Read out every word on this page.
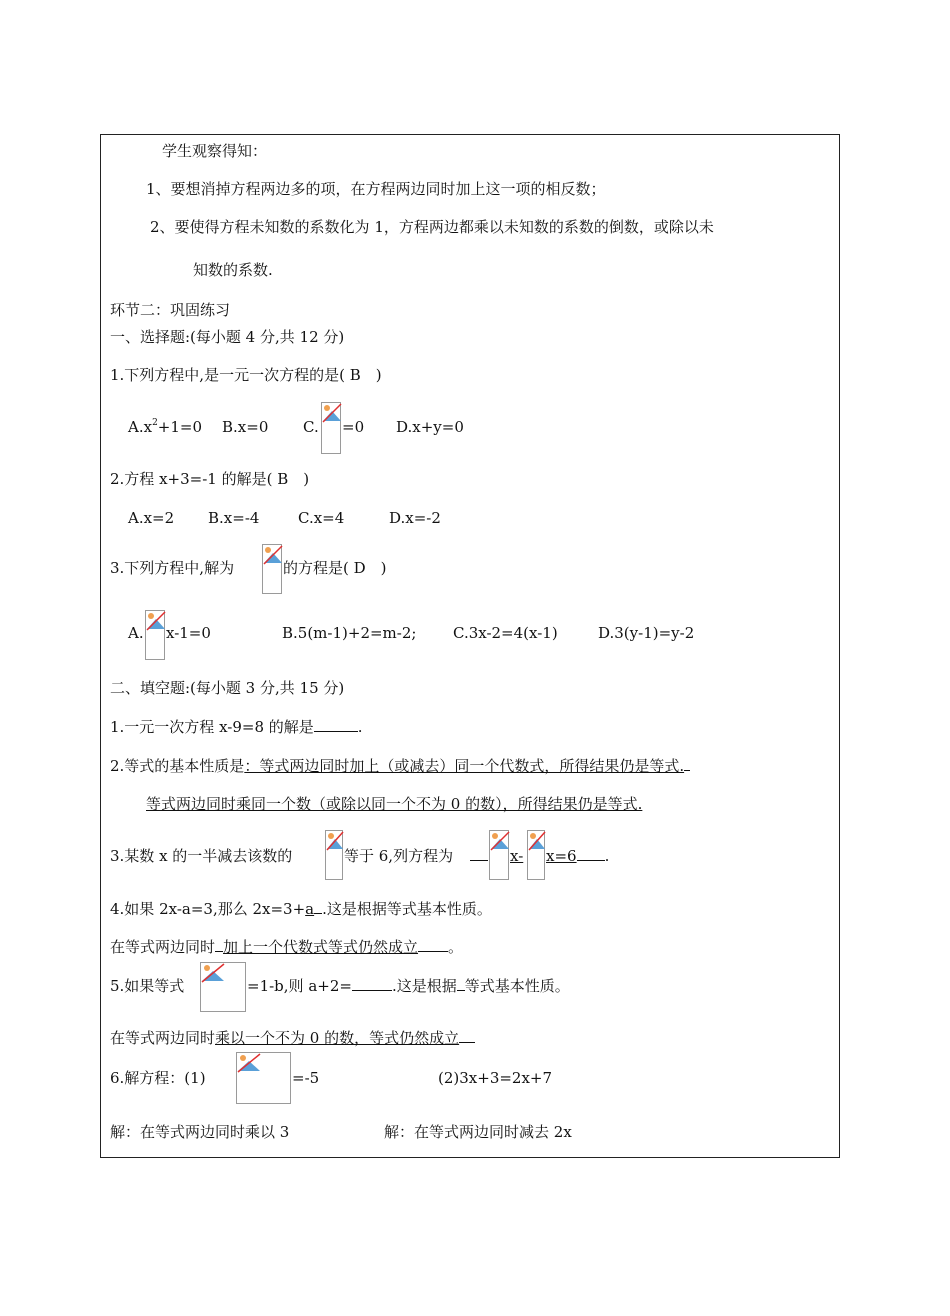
学生观察得知：
1、要想消掉方程两边多的项，在方程两边同时加上这一项的相反数；
2、要使得方程未知数的系数化为 1，方程两边都乘以未知数的系数的倒数，或除以未
知数的系数.
环节二：巩固练习
一、选择题:(每小题 4 分,共 12 分)
1.下列方程中,是一元一次方程的是( B　)
$A.x^2+1=0$ B.x=0 C. =0 D.x+y=0
2.方程 x+3=-1 的解是( B　)
A.x=2 B.x=-4	C.x=4	D.x=-2
3.下列方程中,解为	的方程是( D　)
A. x-1=0	B.5(m-1)+2=m-2; C.3x-2=4(x-1)	D.3(y-1)=y-2
二、填空题:(每小题 3 分,共 15 分)
1.一元一次方程 x-9=8 的解是	.
2.等式的基本性质是：等式两边同时加上（或减去）同一个代数式，所得结果仍是等式.
等式两边同时乘同一个数（或除以同一个不为 0 的数），所得结果仍是等式.
3.某数 x 的一半减去该数的	等于 6,列方程为	x- x=6 .
4.如果 2x-a=3,那么 2x=3+a .这是根据等式基本性质。
在等式两边同时 加上一个代数式等式仍然成立 。
5.如果等式	=1-b,则 a+2=	.这是根据 等式基本性质。
在等式两边同时乘以一个不为 0 的数，等式仍然成立
6.解方程：(1)	=-5	(2)3x+3=2x+7
解：在等式两边同时乘以 3	解：在等式两边同时减去 2x
